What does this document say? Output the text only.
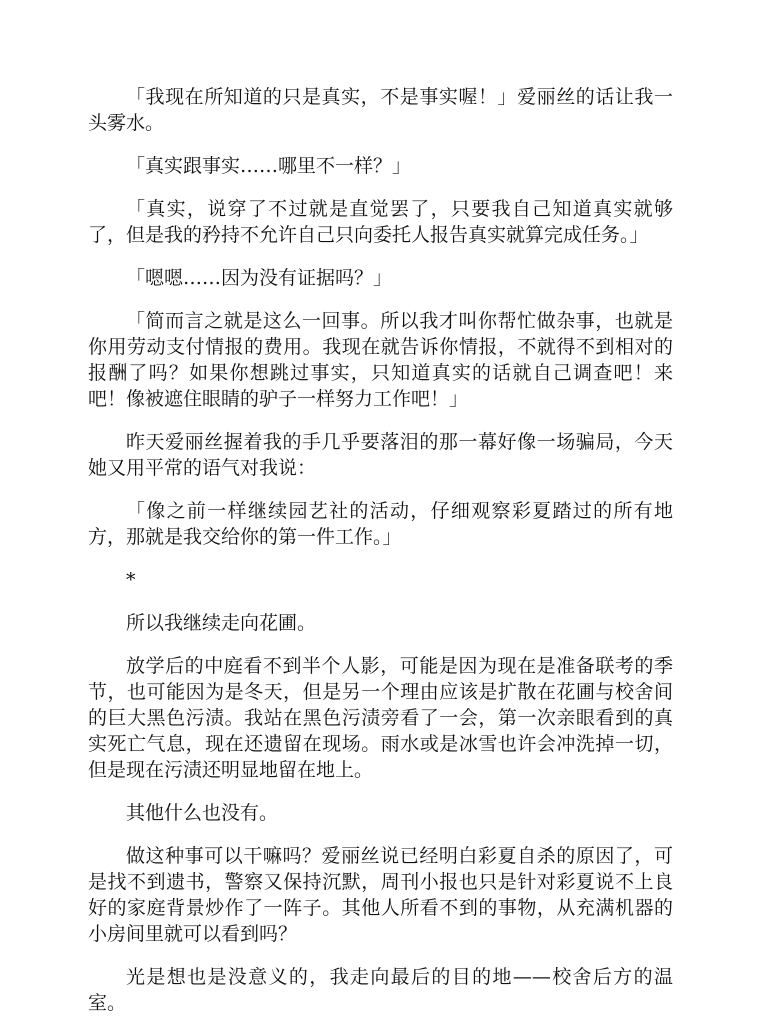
「我现在所知道的只是真实，不是事实喔！」爱丽丝的话让我一头雾水。

「真实跟事实……哪里不一样？」

「真实，说穿了不过就是直觉罢了，只要我自己知道真实就够了，但是我的矜持不允许自己只向委托人报告真实就算完成任务。」

「嗯嗯……因为没有证据吗？」

「简而言之就是这么一回事。所以我才叫你帮忙做杂事，也就是你用劳动支付情报的费用。我现在就告诉你情报，不就得不到相对的报酬了吗？如果你想跳过事实，只知道真实的话就自己调查吧！来吧！像被遮住眼睛的驴子一样努力工作吧！」

昨天爱丽丝握着我的手几乎要落泪的那一幕好像一场骗局，今天她又用平常的语气对我说：

「像之前一样继续园艺社的活动，仔细观察彩夏踏过的所有地方，那就是我交给你的第一件工作。」

*

所以我继续走向花圃。

放学后的中庭看不到半个人影，可能是因为现在是准备联考的季节，也可能因为是冬天，但是另一个理由应该是扩散在花圃与校舍间的巨大黑色污渍。我站在黑色污渍旁看了一会，第一次亲眼看到的真实死亡气息，现在还遗留在现场。雨水或是冰雪也许会冲洗掉一切，但是现在污渍还明显地留在地上。

其他什么也没有。

做这种事可以干嘛吗？爱丽丝说已经明白彩夏自杀的原因了，可是找不到遗书，警察又保持沉默，周刊小报也只是针对彩夏说不上良好的家庭背景炒作了一阵子。其他人所看不到的事物，从充满机器的小房间里就可以看到吗？

光是想也是没意义的，我走向最后的目的地——校舍后方的温室。
